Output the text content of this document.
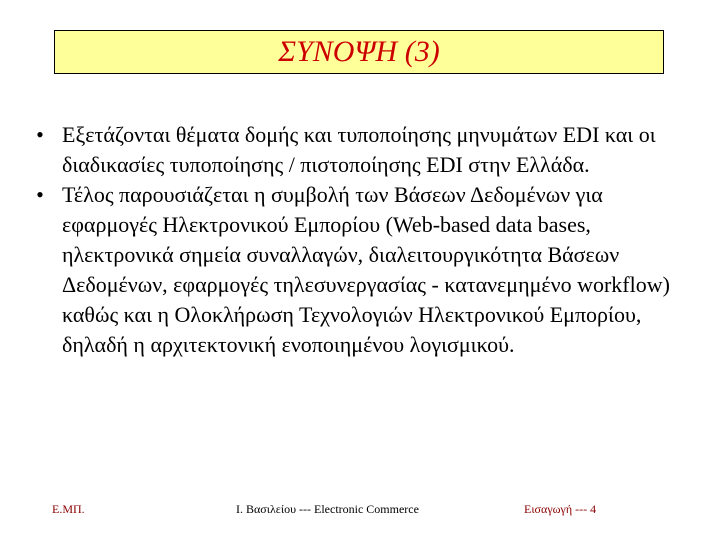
ΣΥΝΟΨΗ (3)
• Εξετάζονται θέματα δομής και τυποποίησης μηνυμάτων EDI και οι διαδικασίες τυποποίησης / πιστοποίησης EDI στην Ελλάδα.
• Τέλος παρουσιάζεται η συμβολή των Βάσεων Δεδομένων για εφαρμογές Ηλεκτρονικού Εμπορίου (Web-based data bases, ηλεκτρονικά σημεία συναλλαγών, διαλειτουργικότητα Βάσεων Δεδομένων, εφαρμογές τηλεσυνεργασίας - κατανεμημένο workflow) καθώς και η Ολοκλήρωση Τεχνολογιών Ηλεκτρονικού Εμπορίου, δηλαδή η αρχιτεκτονική ενοποιημένου λογισμικού.
Ε.ΜΠ.	Ι. Βασιλείου --- Electronic Commerce	Εισαγωγή --- 4
